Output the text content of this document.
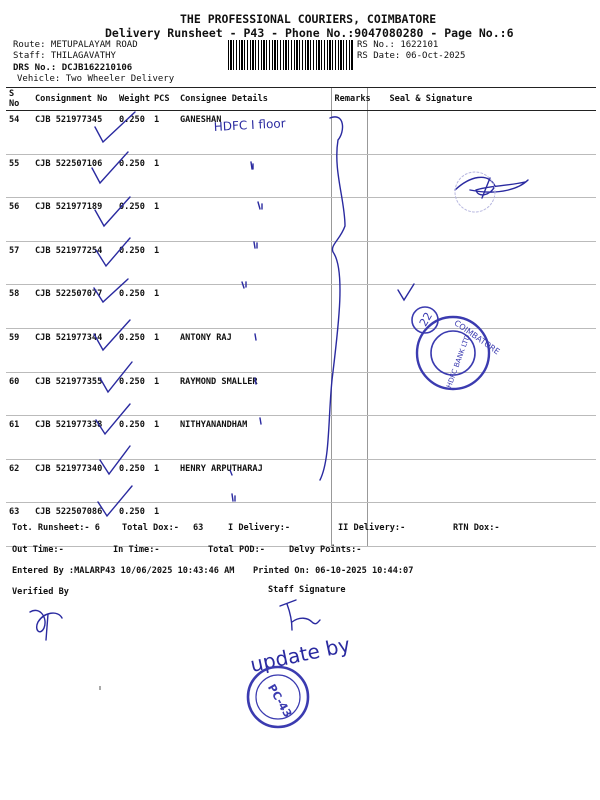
THE PROFESSIONAL COURIERS, COIMBATORE
Delivery Runsheet - P43 - Phone No.:9047080280 - Page No.:6
Route: METUPALAYAM ROAD
Staff: THILAGAVATHY
DRS No.: DCJB162210106
Vehicle: Two Wheeler Delivery
RS No.: 1622101
RS Date: 06-Oct-2025
S No	Consignment No	Weight	PCS	Consignee Details	Remarks	Seal & Signature
54	CJB 521977345	0.250	1	GANESHAN		
55	CJB 522507106	0.250	1			
56	CJB 521977189	0.250	1			
57	CJB 521977254	0.250	1			
58	CJB 522507077	0.250	1			
59	CJB 521977344	0.250	1	ANTONY RAJ		
60	CJB 521977355	0.250	1	RAYMOND SMALLER		
61	CJB 521977338	0.250	1	NITHYANANDHAM		
62	CJB 521977340	0.250	1	HENRY ARPUTHARAJ		
63	CJB 522507086	0.250	1			
Tot. Runsheet:- 6	Total Dox:- 63	I Delivery:-	II Delivery:-	RTN Dox:-
Out Time:-	In Time:-	Total POD:-	Delvy Points:-
Entered By :MALARP43 10/06/2025 10:43:46 AM Printed On: 06-10-2025 10:44:07
Verified By	Staff Signature
HDFC I floor
COIMBATORE
HDFC BANK LTD
22
update by
PC-43
